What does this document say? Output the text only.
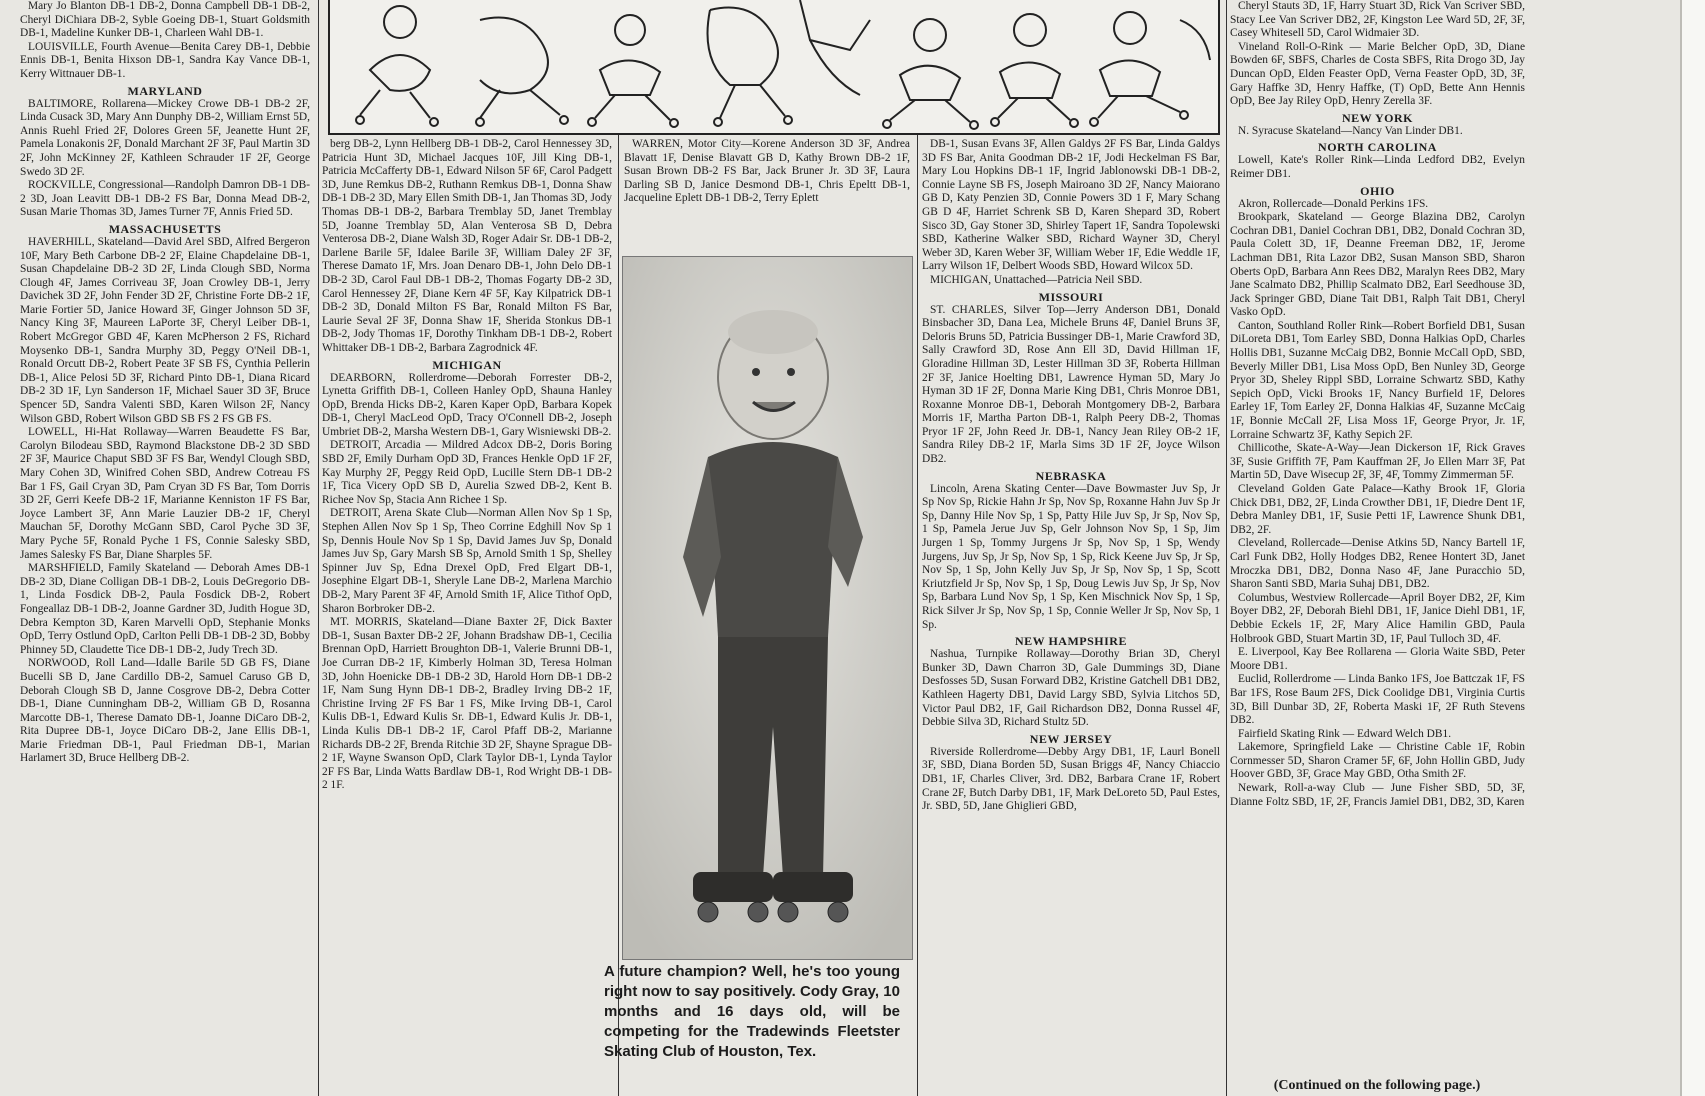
Mary Jo Blanton DB-1 DB-2, Donna Campbell DB-1 DB-2, Cheryl DiChiara DB-2, Syble Goeing DB-1, Stuart Goldsmith DB-1, Madeline Kunker DB-1, Charleen Wahl DB-1.

LOUISVILLE, Fourth Avenue—Benita Carey DB-1, Debbie Ennis DB-1, Benita Hixson DB-1, Sandra Kay Vance DB-1, Kerry Wittnauer DB-1.

MARYLAND

BALTIMORE, Rollarena—Mickey Crowe DB-1 DB-2 2F, Linda Cusack 3D, Mary Ann Dunphy DB-2, William Ernst 5D, Annis Ruehl Fried 2F, Dolores Green 5F, Jeanette Hunt 2F, Pamela Lonakonis 2F, Donald Marchant 2F 3F, Paul Martin 3D 2F, John McKinney 2F, Kathleen Schrauder 1F 2F, George Swedo 3D 2F.

ROCKVILLE, Congressional—Randolph Damron DB-1 DB-2 3D, Joan Leavitt DB-1 DB-2 FS Bar, Donna Mead DB-2, Susan Marie Thomas 3D, James Turner 7F, Annis Fried 5D.

MASSACHUSETTS

HAVERHILL, Skateland—David Arel SBD, Alfred Bergeron 10F, Mary Beth Carbone DB-2 2F, Elaine Chapdelaine DB-1, Susan Chapdelaine DB-2 3D 2F, Linda Clough SBD, Norma Clough 4F, James Corriveau 3F, Joan Crowley DB-1, Jerry Davichek 3D 2F, John Fender 3D 2F, Christine Forte DB-2 1F, Marie Fortier 5D, Janice Howard 3F, Ginger Johnson 5D 3F, Nancy King 3F, Maureen LaPorte 3F, Cheryl Leiber DB-1, Robert McGregor GBD 4F, Karen McPherson 2 FS, Richard Moysenko DB-1, Sandra Murphy 3D, Peggy O'Neil DB-1, Ronald Orcutt DB-2, Robert Peate 3F SB FS, Cynthia Pellerin DB-1, Alice Pelosi 5D 3F, Richard Pinto DB-1, Diana Ricard DB-2 3D 1F, Lyn Sanderson 1F, Michael Sauer 3D 3F, Bruce Spencer 5D, Sandra Valenti SBD, Karen Wilson 2F, Nancy Wilson GBD, Robert Wilson GBD SB FS 2 FS GB FS.

LOWELL, Hi-Hat Rollaway—Warren Beaudette FS Bar, Carolyn Bilodeau SBD, Raymond Blackstone DB-2 3D SBD 2F 3F, Maurice Chaput SBD 3F FS Bar, Wendyl Clough SBD, Mary Cohen 3D, Winifred Cohen SBD, Andrew Cotreau FS Bar 1 FS, Gail Cryan 3D, Pam Cryan 3D FS Bar, Tom Dorris 3D 2F, Gerri Keefe DB-2 1F, Marianne Kenniston 1F FS Bar, Joyce Lambert 3F, Ann Marie Lauzier DB-2 1F, Cheryl Mauchan 5F, Dorothy McGann SBD, Carol Pyche 3D 3F, Mary Pyche 5F, Ronald Pyche 1 FS, Connie Salesky SBD, James Salesky FS Bar, Diane Sharples 5F.

MARSHFIELD, Family Skateland — Deborah Ames DB-1 DB-2 3D, Diane Colligan DB-1 DB-2, Louis DeGregorio DB-1, Linda Fosdick DB-2, Paula Fosdick DB-2, Robert Fongeallaz DB-1 DB-2, Joanne Gardner 3D, Judith Hogue 3D, Debra Kempton 3D, Karen Marvelli OpD, Stephanie Monks OpD, Terry Ostlund OpD, Carlton Pelli DB-1 DB-2 3D, Bobby Phinney 5D, Claudette Tice DB-1 DB-2, Judy Trech 3D.

NORWOOD, Roll Land—Idalle Barile 5D GB FS, Diane Bucelli SB D, Jane Cardillo DB-2, Samuel Caruso GB D, Deborah Clough SB D, Janne Cosgrove DB-2, Debra Cotter DB-1, Diane Cunningham DB-2, William GB D, Rosanna Marcotte DB-1, Therese Damato DB-1, Joanne DiCaro DB-2, Rita Dupree DB-1, Joyce DiCaro DB-2, Jane Ellis DB-1, Marie Friedman DB-1, Paul Friedman DB-1, Marian Harlamert 3D, Bruce Hellberg DB-2.

berg DB-2, Lynn Hellberg DB-1 DB-2, Carol Hennessey 3D, Patricia Hunt 3D, Michael Jacques 10F, Jill King DB-1, Patricia McCafferty DB-1, Edward Nilson 5F 6F, Carol Padgett 3D, June Remkus DB-2, Ruthann Remkus DB-1, Donna Shaw DB-1 DB-2 3D, Mary Ellen Smith DB-1, Jan Thomas 3D, Jody Thomas DB-1 DB-2, Barbara Tremblay 5D, Janet Tremblay 5D, Joanne Tremblay 5D, Alan Venterosa SB D, Debra Venterosa DB-2, Diane Walsh 3D, Roger Adair Sr. DB-1 DB-2, Darlene Barile 5F, Idalee Barile 3F, William Daley 2F 3F, Therese Damato 1F, Mrs. Joan Denaro DB-1, John Delo DB-1 DB-2 3D, Carol Faul DB-1 DB-2, Thomas Fogarty DB-2 3D, Carol Hennessey 2F, Diane Kern 4F 5F, Kay Kilpatrick DB-1 DB-2 3D, Donald Milton FS Bar, Ronald Milton FS Bar, Laurie Seval 2F 3F, Donna Shaw 1F, Sherida Stonkus DB-1 DB-2, Jody Thomas 1F, Dorothy Tinkham DB-1 DB-2, Robert Whittaker DB-1 DB-2, Barbara Zagrodnick 4F.

MICHIGAN

DEARBORN, Rollerdrome—Deborah Forrester DB-2, Lynetta Griffith DB-1, Colleen Hanley OpD, Shauna Hanley OpD, Brenda Hicks DB-2, Karen Kaper OpD, Barbara Kopek DB-1, Cheryl MacLeod OpD, Tracy O'Connell DB-2, Joseph Umbriet DB-2, Marsha Western DB-1, Gary Wisniewski DB-2.

DETROIT, Arcadia — Mildred Adcox DB-2, Doris Boring SBD 2F, Emily Durham OpD 3D, Frances Henkle OpD 1F 2F, Kay Murphy 2F, Peggy Reid OpD, Lucille Stern DB-1 DB-2 1F, Tica Vicery OpD SB D, Aurelia Szwed DB-2, Kent B. Richee Nov Sp, Stacia Ann Richee 1 Sp.

DETROIT, Arena Skate Club—Norman Allen Nov Sp 1 Sp, Stephen Allen Nov Sp 1 Sp, Theo Corrine Edghill Nov Sp 1 Sp, Dennis Houle Nov Sp 1 Sp, David James Juv Sp, Donald James Juv Sp, Gary Marsh SB Sp, Arnold Smith 1 Sp, Shelley Spinner Juv Sp, Edna Drexel OpD, Fred Elgart DB-1, Josephine Elgart DB-1, Sheryle Lane DB-2, Marlena Marchio DB-2, Mary Parent 3F 4F, Arnold Smith 1F, Alice Tithof OpD, Sharon Borbroker DB-2.

MT. MORRIS, Skateland—Diane Baxter 2F, Dick Baxter DB-1, Susan Baxter DB-2 2F, Johann Bradshaw DB-1, Cecilia Brennan OpD, Harriett Broughton DB-1, Valerie Brunni DB-1, Joe Curran DB-2 1F, Kimberly Holman 3D, Teresa Holman 3D, John Hoenicke DB-1 DB-2 3D, Harold Horn DB-1 DB-2 1F, Nam Sung Hynn DB-1 DB-2, Bradley Irving DB-2 1F, Christine Irving 2F FS Bar 1 FS, Mike Irving DB-1, Carol Kulis DB-1, Edward Kulis Sr. DB-1, Edward Kulis Jr. DB-1, Linda Kulis DB-1 DB-2 1F, Carol Pfaff DB-2, Marianne Richards DB-2 2F, Brenda Ritchie 3D 2F, Shayne Sprague DB-2 1F, Wayne Swanson OpD, Clark Taylor DB-1, Lynda Taylor 2F FS Bar, Linda Watts Bardlaw DB-1, Rod Wright DB-1 DB-2 1F.

WARREN, Motor City—Korene Anderson 3D 3F, Andrea Blavatt 1F, Denise Blavatt GB D, Kathy Brown DB-2 1F, Susan Brown DB-2 FS Bar, Jack Bruner Jr. 3D 3F, Laura Darling SB D, Janice Desmond DB-1, Chris Epeltt DB-1, Jacqueline Eplett DB-1 DB-2, Terry Eplett

DB-1, Susan Evans 3F, Allen Galdys 2F FS Bar, Linda Galdys 3D FS Bar, Anita Goodman DB-2 1F, Jodi Heckelman FS Bar, Mary Lou Hopkins DB-1 1F, Ingrid Jablonowski DB-1 DB-2, Connie Layne SB FS, Joseph Mairoano 3D 2F, Nancy Maiorano GB D, Katy Penzien 3D, Connie Powers 3D 1 F, Mary Schang GB D 4F, Harriet Schrenk SB D, Karen Shepard 3D, Robert Sisco 3D, Gay Stoner 3D, Shirley Tapert 1F, Sandra Topolewski SBD, Katherine Walker SBD, Richard Wayner 3D, Cheryl Weber 3D, Karen Weber 3F, William Weber 1F, Edie Weddle 1F, Larry Wilson 1F, Delbert Woods SBD, Howard Wilcox 5D.

MICHIGAN, Unattached—Patricia Neil SBD.

MISSOURI

ST. CHARLES, Silver Top—Jerry Anderson DB1, Donald Binsbacher 3D, Dana Lea, Michele Bruns 4F, Daniel Bruns 3F, Deloris Bruns 5D, Patricia Bussinger DB-1, Marie Crawford 3D, Sally Crawford 3D, Rose Ann Ell 3D, David Hillman 1F, Gloradine Hillman 3D, Lester Hillman 3D 3F, Roberta Hillman 2F 3F, Janice Hoelting DB1, Lawrence Hyman 5D, Mary Jo Hyman 3D 1F 2F, Donna Marie King DB1, Chris Monroe DB1, Roxanne Monroe DB-1, Deborah Montgomery DB-2, Barbara Morris 1F, Martha Parton DB-1, Ralph Peery DB-2, Thomas Pryor 1F 2F, John Reed Jr. DB-1, Nancy Jean Riley OB-2 1F, Sandra Riley DB-2 1F, Marla Sims 3D 1F 2F, Joyce Wilson DB2.

NEBRASKA

Lincoln, Arena Skating Center—Dave Bowmaster Juv Sp, Jr Sp Nov Sp, Rickie Hahn Jr Sp, Nov Sp, Roxanne Hahn Juv Sp Jr Sp, Danny Hile Nov Sp, 1 Sp, Patty Hile Juv Sp, Jr Sp, Nov Sp, 1 Sp, Pamela Jerue Juv Sp, Gelr Johnson Nov Sp, 1 Sp, Jim Jurgen 1 Sp, Tommy Jurgens Jr Sp, Nov Sp, 1 Sp, Wendy Jurgens, Juv Sp, Jr Sp, Nov Sp, 1 Sp, Rick Keene Juv Sp, Jr Sp, Nov Sp, 1 Sp, John Kelly Juv Sp, Jr Sp, Nov Sp, 1 Sp, Scott Kriutzfield Jr Sp, Nov Sp, 1 Sp, Doug Lewis Juv Sp, Jr Sp, Nov Sp, Barbara Lund Nov Sp, 1 Sp, Ken Mischnick Nov Sp, 1 Sp, Rick Silver Jr Sp, Nov Sp, 1 Sp, Connie Weller Jr Sp, Nov Sp, 1 Sp.

NEW HAMPSHIRE

Nashua, Turnpike Rollaway—Dorothy Brian 3D, Cheryl Bunker 3D, Dawn Charron 3D, Gale Dummings 3D, Diane Desfosses 5D, Susan Forward DB2, Kristine Gatchell DB1 DB2, Kathleen Hagerty DB1, David Largy SBD, Sylvia Litchos 5D, Victor Paul DB2, 1F, Gail Richardson DB2, Donna Russel 4F, Debbie Silva 3D, Richard Stultz 5D.

NEW JERSEY

Riverside Rollerdrome—Debby Argy DB1, 1F, Laurl Bonell 3F, SBD, Diana Borden 5D, Susan Briggs 4F, Nancy Chiaccio DB1, 1F, Charles Cliver, 3rd. DB2, Barbara Crane 1F, Robert Crane 2F, Butch Darby DB1, 1F, Mark DeLoreto 5D, Paul Estes, Jr. SBD, 5D, Jane Ghiglieri GBD,

Cheryl Stauts 3D, 1F, Harry Stuart 3D, Rick Van Scriver SBD, Stacy Lee Van Scriver DB2, 2F, Kingston Lee Ward 5D, 2F, 3F, Casey Whitesell 5D, Carol Widmaier 3D.

Vineland Roll-O-Rink — Marie Belcher OpD, 3D, Diane Bowden 6F, SBFS, Charles de Costa SBFS, Rita Drogo 3D, Jay Duncan OpD, Elden Feaster OpD, Verna Feaster OpD, 3D, 3F, Gary Haffke 3D, Henry Haffke, (T) OpD, Bette Ann Hennis OpD, Bee Jay Riley OpD, Henry Zerella 3F.

NEW YORK

N. Syracuse Skateland—Nancy Van Linder DB1.

NORTH CAROLINA

Lowell, Kate's Roller Rink—Linda Ledford DB2, Evelyn Reimer DB1.

OHIO

Akron, Rollercade—Donald Perkins 1FS.

Brookpark, Skateland — George Blazina DB2, Carolyn Cochran DB1, Daniel Cochran DB1, DB2, Donald Cochran 3D, Paula Colett 3D, 1F, Deanne Freeman DB2, 1F, Jerome Lachman DB1, Rita Lazor DB2, Susan Manson SBD, Sharon Oberts OpD, Barbara Ann Rees DB2, Maralyn Rees DB2, Mary Jane Scalmato DB2, Phillip Scalmato DB2, Earl Seedhouse 3D, Jack Springer GBD, Diane Tait DB1, Ralph Tait DB1, Cheryl Vasko OpD.

Canton, Southland Roller Rink—Robert Borfield DB1, Susan DiLoreta DB1, Tom Earley SBD, Donna Halkias OpD, Charles Hollis DB1, Suzanne McCaig DB2, Bonnie McCall OpD, SBD, Beverly Miller DB1, Lisa Moss OpD, Ben Nunley 3D, George Pryor 3D, Sheley Rippl SBD, Lorraine Schwartz SBD, Kathy Sepich OpD, Vicki Brooks 1F, Nancy Burfield 1F, Delores Earley 1F, Tom Earley 2F, Donna Halkias 4F, Suzanne McCaig 1F, Bonnie McCall 2F, Lisa Moss 1F, George Pryor, Jr. 1F, Lorraine Schwartz 3F, Kathy Sepich 2F.

Chillicothe, Skate-A-Way—Jean Dickerson 1F, Rick Graves 3F, Susie Griffith 7F, Pam Kauffman 2F, Jo Ellen Marr 3F, Pat Martin 5D, Dave Wisecup 2F, 3F, 4F, Tommy Zimmerman 5F.

Cleveland Golden Gate Palace—Kathy Brook 1F, Gloria Chick DB1, DB2, 2F, Linda Crowther DB1, 1F, Diedre Dent 1F, Debra Manley DB1, 1F, Susie Petti 1F, Lawrence Shunk DB1, DB2, 2F.

Cleveland, Rollercade—Denise Atkins 5D, Nancy Bartell 1F, Carl Funk DB2, Holly Hodges DB2, Renee Hontert 3D, Janet Mroczka DB1, DB2, Donna Naso 4F, Jane Puracchio 5D, Sharon Santi SBD, Maria Suhaj DB1, DB2.

Columbus, Westview Rollercade—April Boyer DB2, 2F, Kim Boyer DB2, 2F, Deborah Biehl DB1, 1F, Janice Diehl DB1, 1F, Debbie Eckels 1F, 2F, Mary Alice Hamilin GBD, Paula Holbrook GBD, Stuart Martin 3D, 1F, Paul Tulloch 3D, 4F.

E. Liverpool, Kay Bee Rollarena — Gloria Waite SBD, Peter Moore DB1.

Euclid, Rollerdrome — Linda Banko 1FS, Joe Battczak 1F, FS Bar 1FS, Rose Baum 2FS, Dick Coolidge DB1, Virginia Curtis 3D, Bill Dunbar 3D, 2F, Roberta Maski 1F, 2F Ruth Stevens DB2.

Fairfield Skating Rink — Edward Welch DB1.

Lakemore, Springfield Lake — Christine Cable 1F, Robin Cornmesser 5D, Sharon Cramer 5F, 6F, John Hollin GBD, Judy Hoover GBD, 3F, Grace May GBD, Otha Smith 2F.

Newark, Roll-a-way Club — June Fisher SBD, 5D, 3F, Dianne Foltz SBD, 1F, 2F, Francis Jamiel DB1, DB2, 3D, Karen

A future champion? Well, he's too young right now to say positively. Cody Gray, 10 months and 16 days old, will be competing for the Tradewinds Fleetster Skating Club of Houston, Tex.
(Continued on the following page.)
